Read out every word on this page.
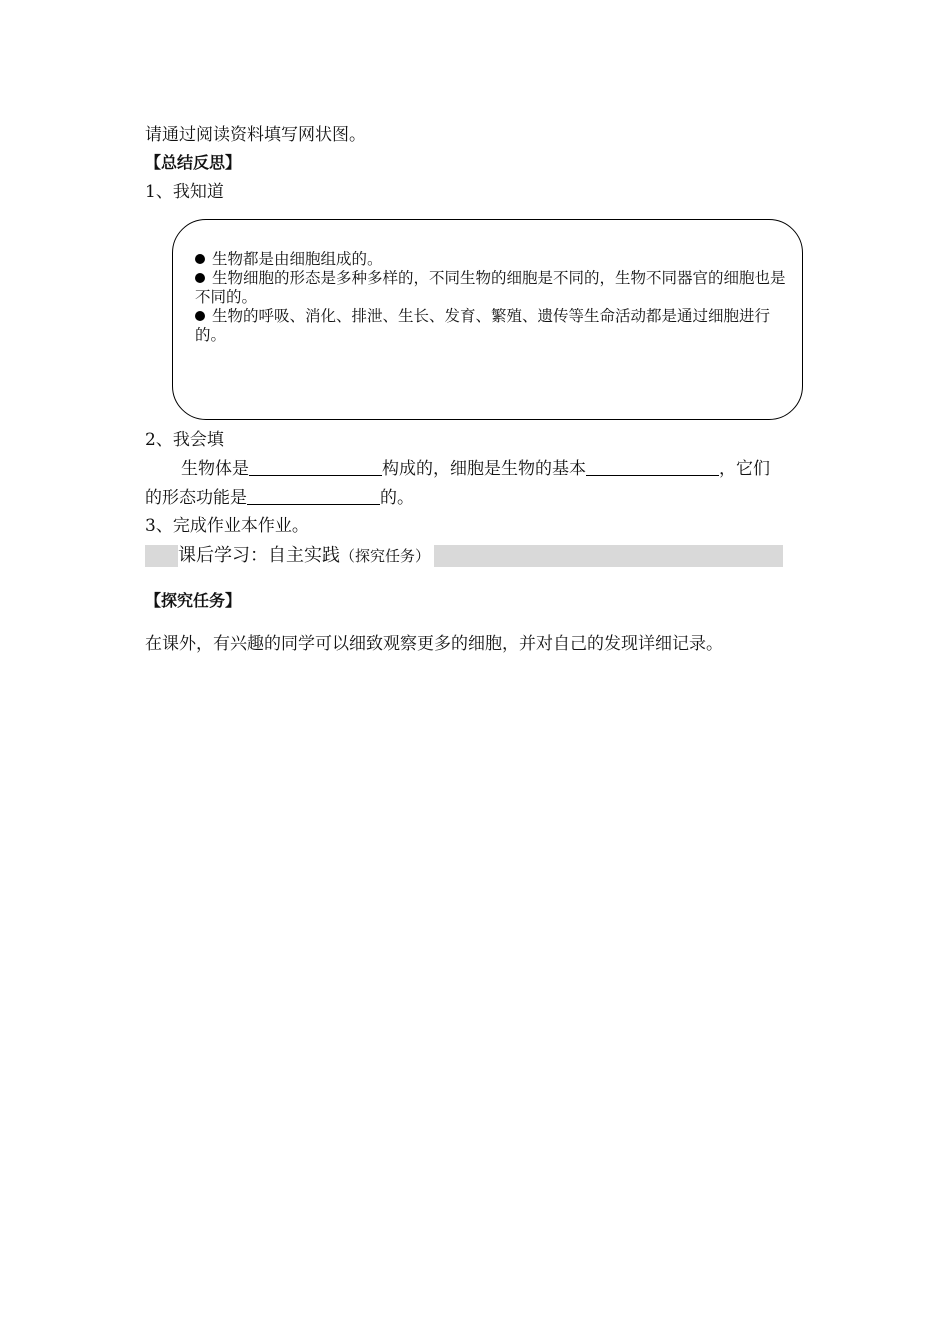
请通过阅读资料填写网状图。
【总结反思】
1、我知道

生物都是由细胞组成的。

生物细胞的形态是多种多样的，不同生物的细胞是不同的，生物不同器官的细胞也是不同的。

生物的呼吸、消化、排泄、生长、发育、繁殖、遗传等生命活动都是通过细胞进行的。

2、我会填
生物体是	构成的，细胞是生物的基本	，它们
的形态功能是	的。
3、完成作业本作业。
课后学习：自主实践（探究任务）
【探究任务】
在课外，有兴趣的同学可以细致观察更多的细胞，并对自己的发现详细记录。
